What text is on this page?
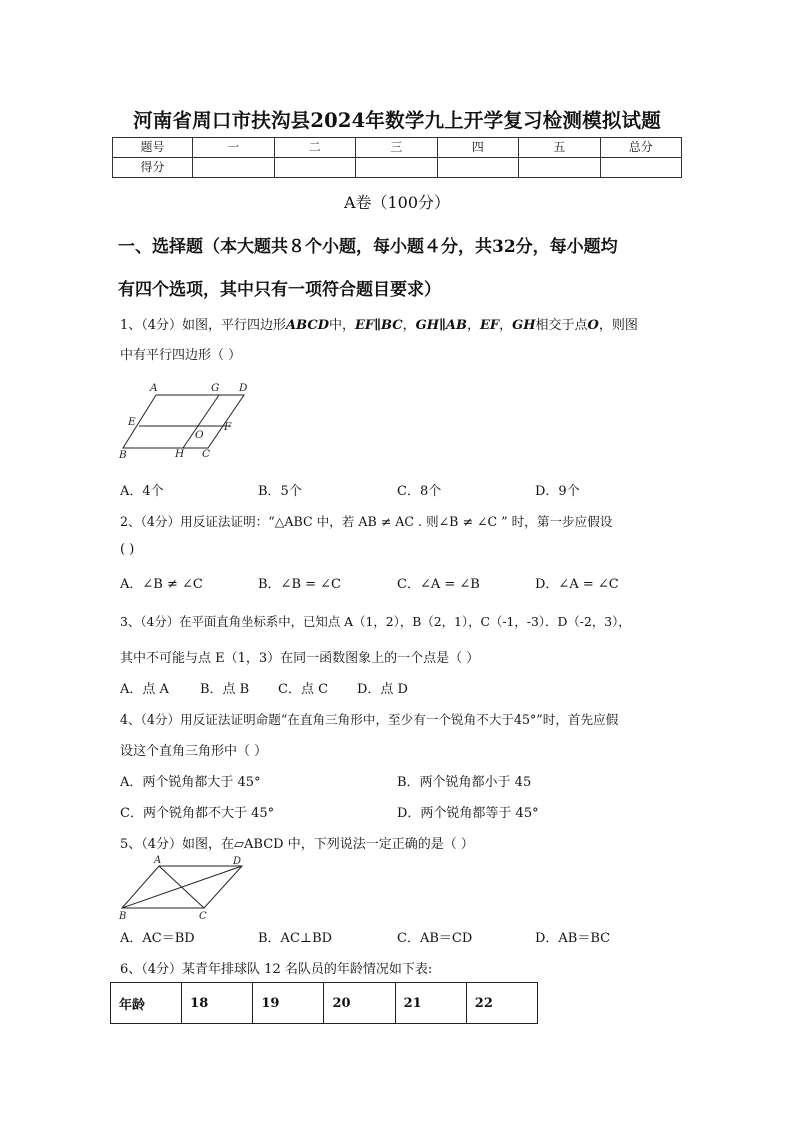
河南省周口市扶沟县2024年数学九上开学复习检测模拟试题
题号	一	二	三	四	五	总分
得分						
A卷（100分）
一、选择题（本大题共８个小题，每小题４分，共32分，每小题均
有四个选项，其中只有一项符合题目要求）
1、（4分）如图，平行四边形ABCD中，EF∥BC，GH∥AB，EF，GH相交于点O，则图
中有平行四边形（ ）
A	G D
E
O
F
B	H C
A．4个	B．5个	C．8个	D．9个
2、（4分）用反证法证明：“△ABC 中，若 AB ≠ AC . 则∠B ≠ ∠C ” 时，第一步应假设
( )
A．∠B ≠ ∠C	B．∠B = ∠C	C．∠A = ∠B	D．∠A = ∠C
3、（4分）在平面直角坐标系中，已知点 A（1，2），B（2，1），C（-1，-3）．D（-2，3），
其中不可能与点 E（1，3）在同一函数图象上的一个点是（ ）
A．点 A B．点 B C．点 C D．点 D
4、（4分）用反证法证明命题“在直角三角形中，至少有一个锐角不大于45°”时，首先应假
设这个直角三角形中（ ）
A．两个锐角都大于 45°	B．两个锐角都小于 45
C．两个锐角都不大于 45°	D．两个锐角都等于 45°
5、（4分）如图，在▱ABCD 中，下列说法一定正确的是（ ）
A	D
B	C
A．AC＝BD	B．AC⊥BD	C．AB＝CD	D．AB＝BC
6、（4分）某青年排球队 12 名队员的年龄情况如下表:
年龄	18	19	20	21	22
